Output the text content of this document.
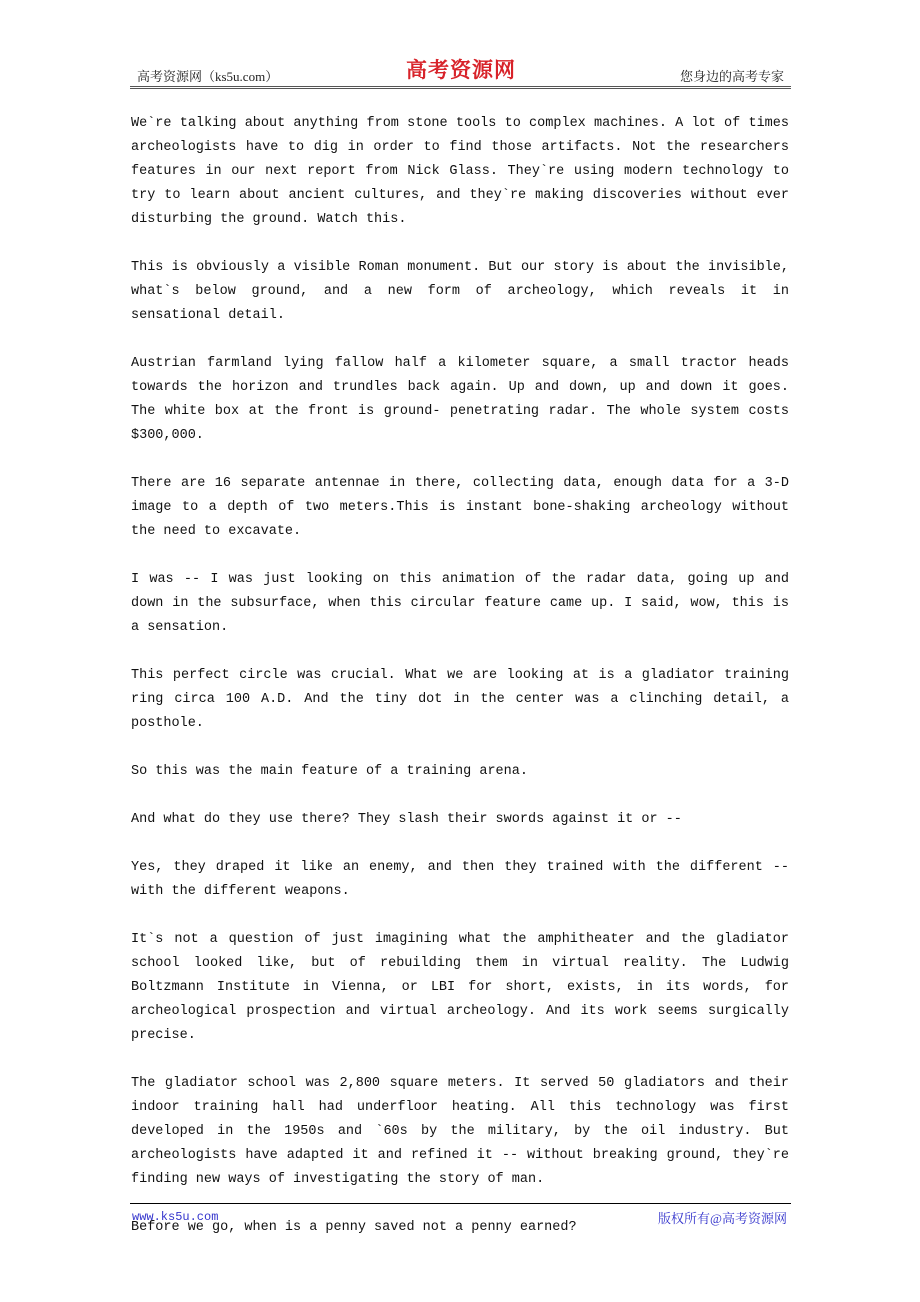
高考资源网（ks5u.com）	高考资源网	您身边的高考专家

We`re talking about anything from stone tools to complex machines. A lot of times archeologists have to dig in order to find those artifacts. Not the researchers features in our next report from Nick Glass. They`re using modern technology to try to learn about ancient cultures, and they`re making discoveries without ever disturbing the ground. Watch this.

This is obviously a visible Roman monument. But our story is about the invisible, what`s below ground, and a new form of archeology, which reveals it in sensational detail.

Austrian farmland lying fallow half a kilometer square, a small tractor heads towards the horizon and trundles back again. Up and down, up and down it goes. The white box at the front is ground- penetrating radar. The whole system costs $300,000.

There are 16 separate antennae in there, collecting data, enough data for a 3-D image to a depth of two meters.This is instant bone-shaking archeology without the need to excavate.

I was -- I was just looking on this animation of the radar data, going up and down in the subsurface, when this circular feature came up. I said, wow, this is a sensation.

This perfect circle was crucial. What we are looking at is a gladiator training ring circa 100 A.D. And the tiny dot in the center was a clinching detail, a posthole.

So this was the main feature of a training arena.

And what do they use there? They slash their swords against it or --

Yes, they draped it like an enemy, and then they trained with the different -- with the different weapons.

It`s not a question of just imagining what the amphitheater and the gladiator school looked like, but of rebuilding them in virtual reality. The Ludwig Boltzmann Institute in Vienna, or LBI for short, exists, in its words, for archeological prospection and virtual archeology. And its work seems surgically precise.

The gladiator school was 2,800 square meters. It served 50 gladiators and their indoor training hall had underfloor heating. All this technology was first developed in the 1950s and `60s by the military, by the oil industry. But archeologists have adapted it and refined it -- without breaking ground, they`re finding new ways of investigating the story of man.

Before we go, when is a penny saved not a penny earned?

www.ks5u.com	版权所有@高考资源网
